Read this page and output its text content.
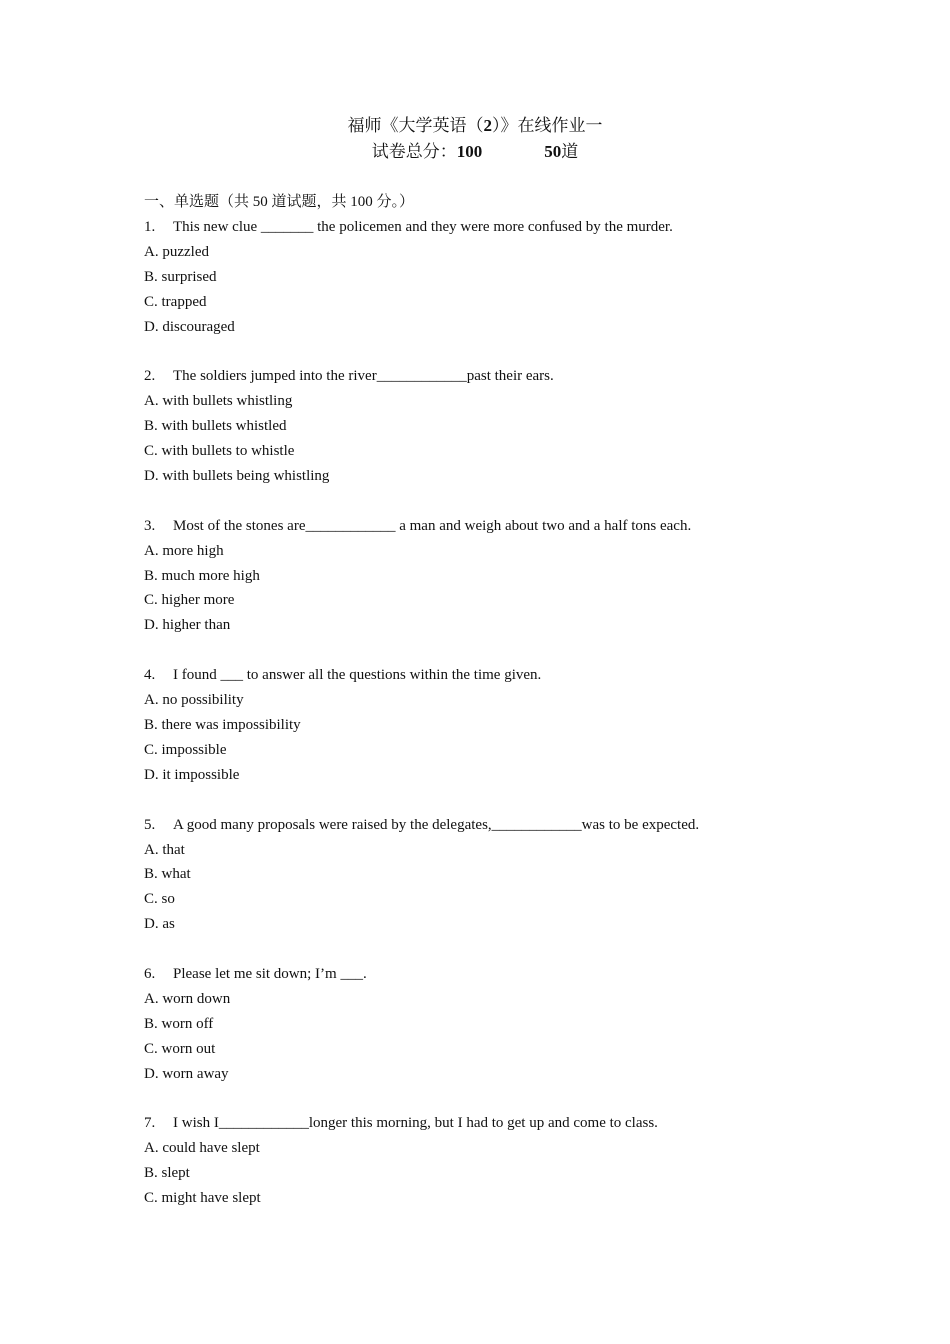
福师《大学英语（2）》在线作业一
试卷总分：100	50道
一、单选题（共 50 道试题，共 100 分。）
1. This new clue _______ the policemen and they were more confused by the murder.
A. puzzled
B. surprised
C. trapped
D. discouraged
2. The soldiers jumped into the river____________past their ears.
A. with bullets whistling
B. with bullets whistled
C. with bullets to whistle
D. with bullets being whistling
3. Most of the stones are____________ a man and weigh about two and a half tons each.
A. more high
B. much more high
C. higher more
D. higher than
4. I found ___ to answer all the questions within the time given.
A. no possibility
B. there was impossibility
C. impossible
D. it impossible
5. A good many proposals were raised by the delegates,____________was to be expected.
A. that
B. what
C. so
D. as
6. Please let me sit down; I’m ___.
A. worn down
B. worn off
C. worn out
D. worn away
7. I wish I____________longer this morning, but I had to get up and come to class.
A. could have slept
B. slept
C. might have slept
